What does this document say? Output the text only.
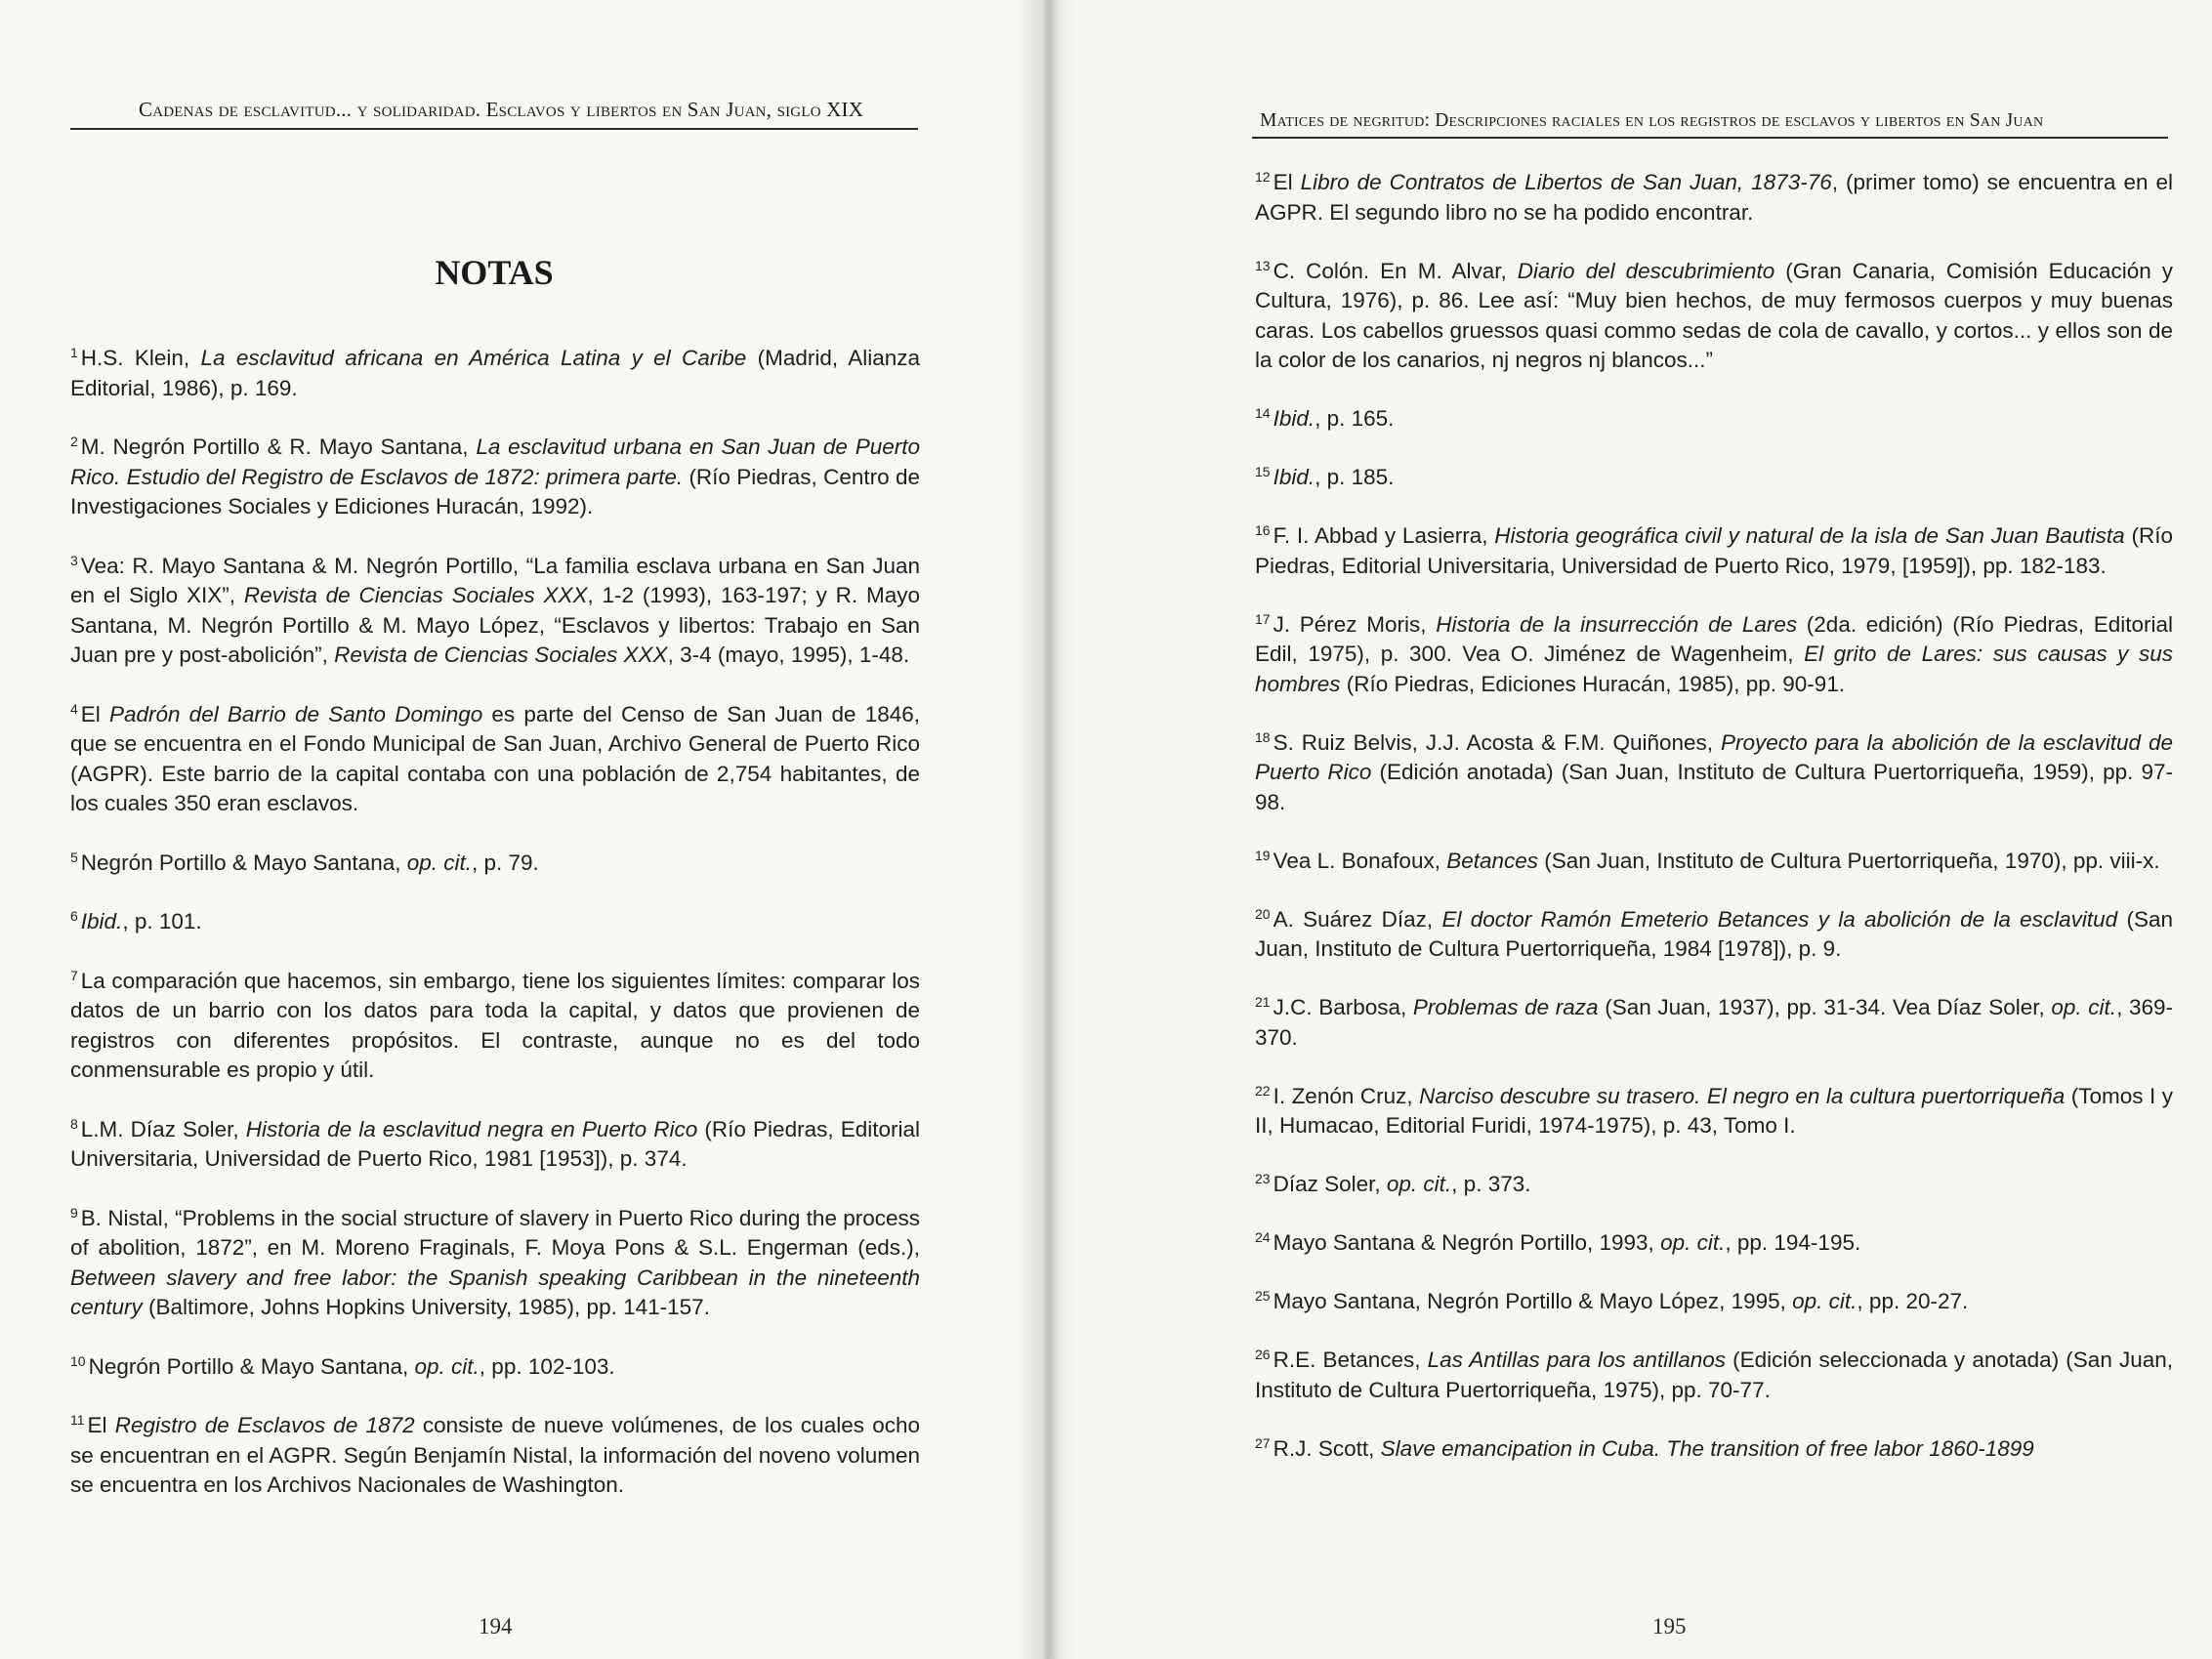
Cadenas de esclavitud... y solidaridad. Esclavos y libertos en San Juan, siglo XIX
NOTAS

$^1$ H.S. Klein, La esclavitud africana en América Latina y el Caribe (Madrid, Alianza Editorial, 1986), p. 169.

$^2$ M. Negrón Portillo & R. Mayo Santana, La esclavitud urbana en San Juan de Puerto Rico. Estudio del Registro de Esclavos de 1872: primera parte. (Río Piedras, Centro de Investigaciones Sociales y Ediciones Huracán, 1992).

$^3$ Vea: R. Mayo Santana & M. Negrón Portillo, “La familia esclava urbana en San Juan en el Siglo XIX”, Revista de Ciencias Sociales XXX, 1-2 (1993), 163-197; y R. Mayo Santana, M. Negrón Portillo & M. Mayo López, “Esclavos y libertos: Trabajo en San Juan pre y post-abolición”, Revista de Ciencias Sociales XXX, 3-4 (mayo, 1995), 1-48.

$^4$ El Padrón del Barrio de Santo Domingo es parte del Censo de San Juan de 1846, que se encuentra en el Fondo Municipal de San Juan, Archivo General de Puerto Rico (AGPR). Este barrio de la capital contaba con una población de 2,754 habitantes, de los cuales 350 eran esclavos.

$^5$ Negrón Portillo & Mayo Santana, op. cit., p. 79.

$^6$ Ibid., p. 101.

$^7$ La comparación que hacemos, sin embargo, tiene los siguientes límites: comparar los datos de un barrio con los datos para toda la capital, y datos que provienen de registros con diferentes propósitos. El contraste, aunque no es del todo conmensurable es propio y útil.

$^8$ L.M. Díaz Soler, Historia de la esclavitud negra en Puerto Rico (Río Piedras, Editorial Universitaria, Universidad de Puerto Rico, 1981 [1953]), p. 374.

$^9$ B. Nistal, “Problems in the social structure of slavery in Puerto Rico during the process of abolition, 1872”, en M. Moreno Fraginals, F. Moya Pons & S.L. Engerman (eds.), Between slavery and free labor: the Spanish speaking Caribbean in the nineteenth century (Baltimore, Johns Hopkins University, 1985), pp. 141-157.

$^{10}$ Negrón Portillo & Mayo Santana, op. cit., pp. 102-103.

$^{11}$ El Registro de Esclavos de 1872 consiste de nueve volúmenes, de los cuales ocho se encuentran en el AGPR. Según Benjamín Nistal, la información del noveno volumen se encuentra en los Archivos Nacionales de Washington.

194
Matices de negritud: Descripciones raciales en los registros de esclavos y libertos en San Juan

$^{12}$ El Libro de Contratos de Libertos de San Juan, 1873-76, (primer tomo) se encuentra en el AGPR. El segundo libro no se ha podido encontrar.

$^{13}$ C. Colón. En M. Alvar, Diario del descubrimiento (Gran Canaria, Comisión Educación y Cultura, 1976), p. 86. Lee así: “Muy bien hechos, de muy fermosos cuerpos y muy buenas caras. Los cabellos gruessos quasi commo sedas de cola de cavallo, y cortos... y ellos son de la color de los canarios, nj negros nj blancos...”

$^{14}$ Ibid., p. 165.

$^{15}$ Ibid., p. 185.

$^{16}$ F. I. Abbad y Lasierra, Historia geográfica civil y natural de la isla de San Juan Bautista (Río Piedras, Editorial Universitaria, Universidad de Puerto Rico, 1979, [1959]), pp. 182-183.

$^{17}$ J. Pérez Moris, Historia de la insurrección de Lares (2da. edición) (Río Piedras, Editorial Edil, 1975), p. 300. Vea O. Jiménez de Wagenheim, El grito de Lares: sus causas y sus hombres (Río Piedras, Ediciones Huracán, 1985), pp. 90-91.

$^{18}$ S. Ruiz Belvis, J.J. Acosta & F.M. Quiñones, Proyecto para la abolición de la esclavitud de Puerto Rico (Edición anotada) (San Juan, Instituto de Cultura Puertorriqueña, 1959), pp. 97-98.

$^{19}$ Vea L. Bonafoux, Betances (San Juan, Instituto de Cultura Puertorriqueña, 1970), pp. viii-x.

$^{20}$ A. Suárez Díaz, El doctor Ramón Emeterio Betances y la abolición de la esclavitud (San Juan, Instituto de Cultura Puertorriqueña, 1984 [1978]), p. 9.

$^{21}$ J.C. Barbosa, Problemas de raza (San Juan, 1937), pp. 31-34. Vea Díaz Soler, op. cit., 369-370.

$^{22}$ I. Zenón Cruz, Narciso descubre su trasero. El negro en la cultura puertorriqueña (Tomos I y II, Humacao, Editorial Furidi, 1974-1975), p. 43, Tomo I.

$^{23}$ Díaz Soler, op. cit., p. 373.

$^{24}$ Mayo Santana & Negrón Portillo, 1993, op. cit., pp. 194-195.

$^{25}$ Mayo Santana, Negrón Portillo & Mayo López, 1995, op. cit., pp. 20-27.

$^{26}$ R.E. Betances, Las Antillas para los antillanos (Edición seleccionada y anotada) (San Juan, Instituto de Cultura Puertorriqueña, 1975), pp. 70-77.

$^{27}$ R.J. Scott, Slave emancipation in Cuba. The transition of free labor 1860-1899

195
